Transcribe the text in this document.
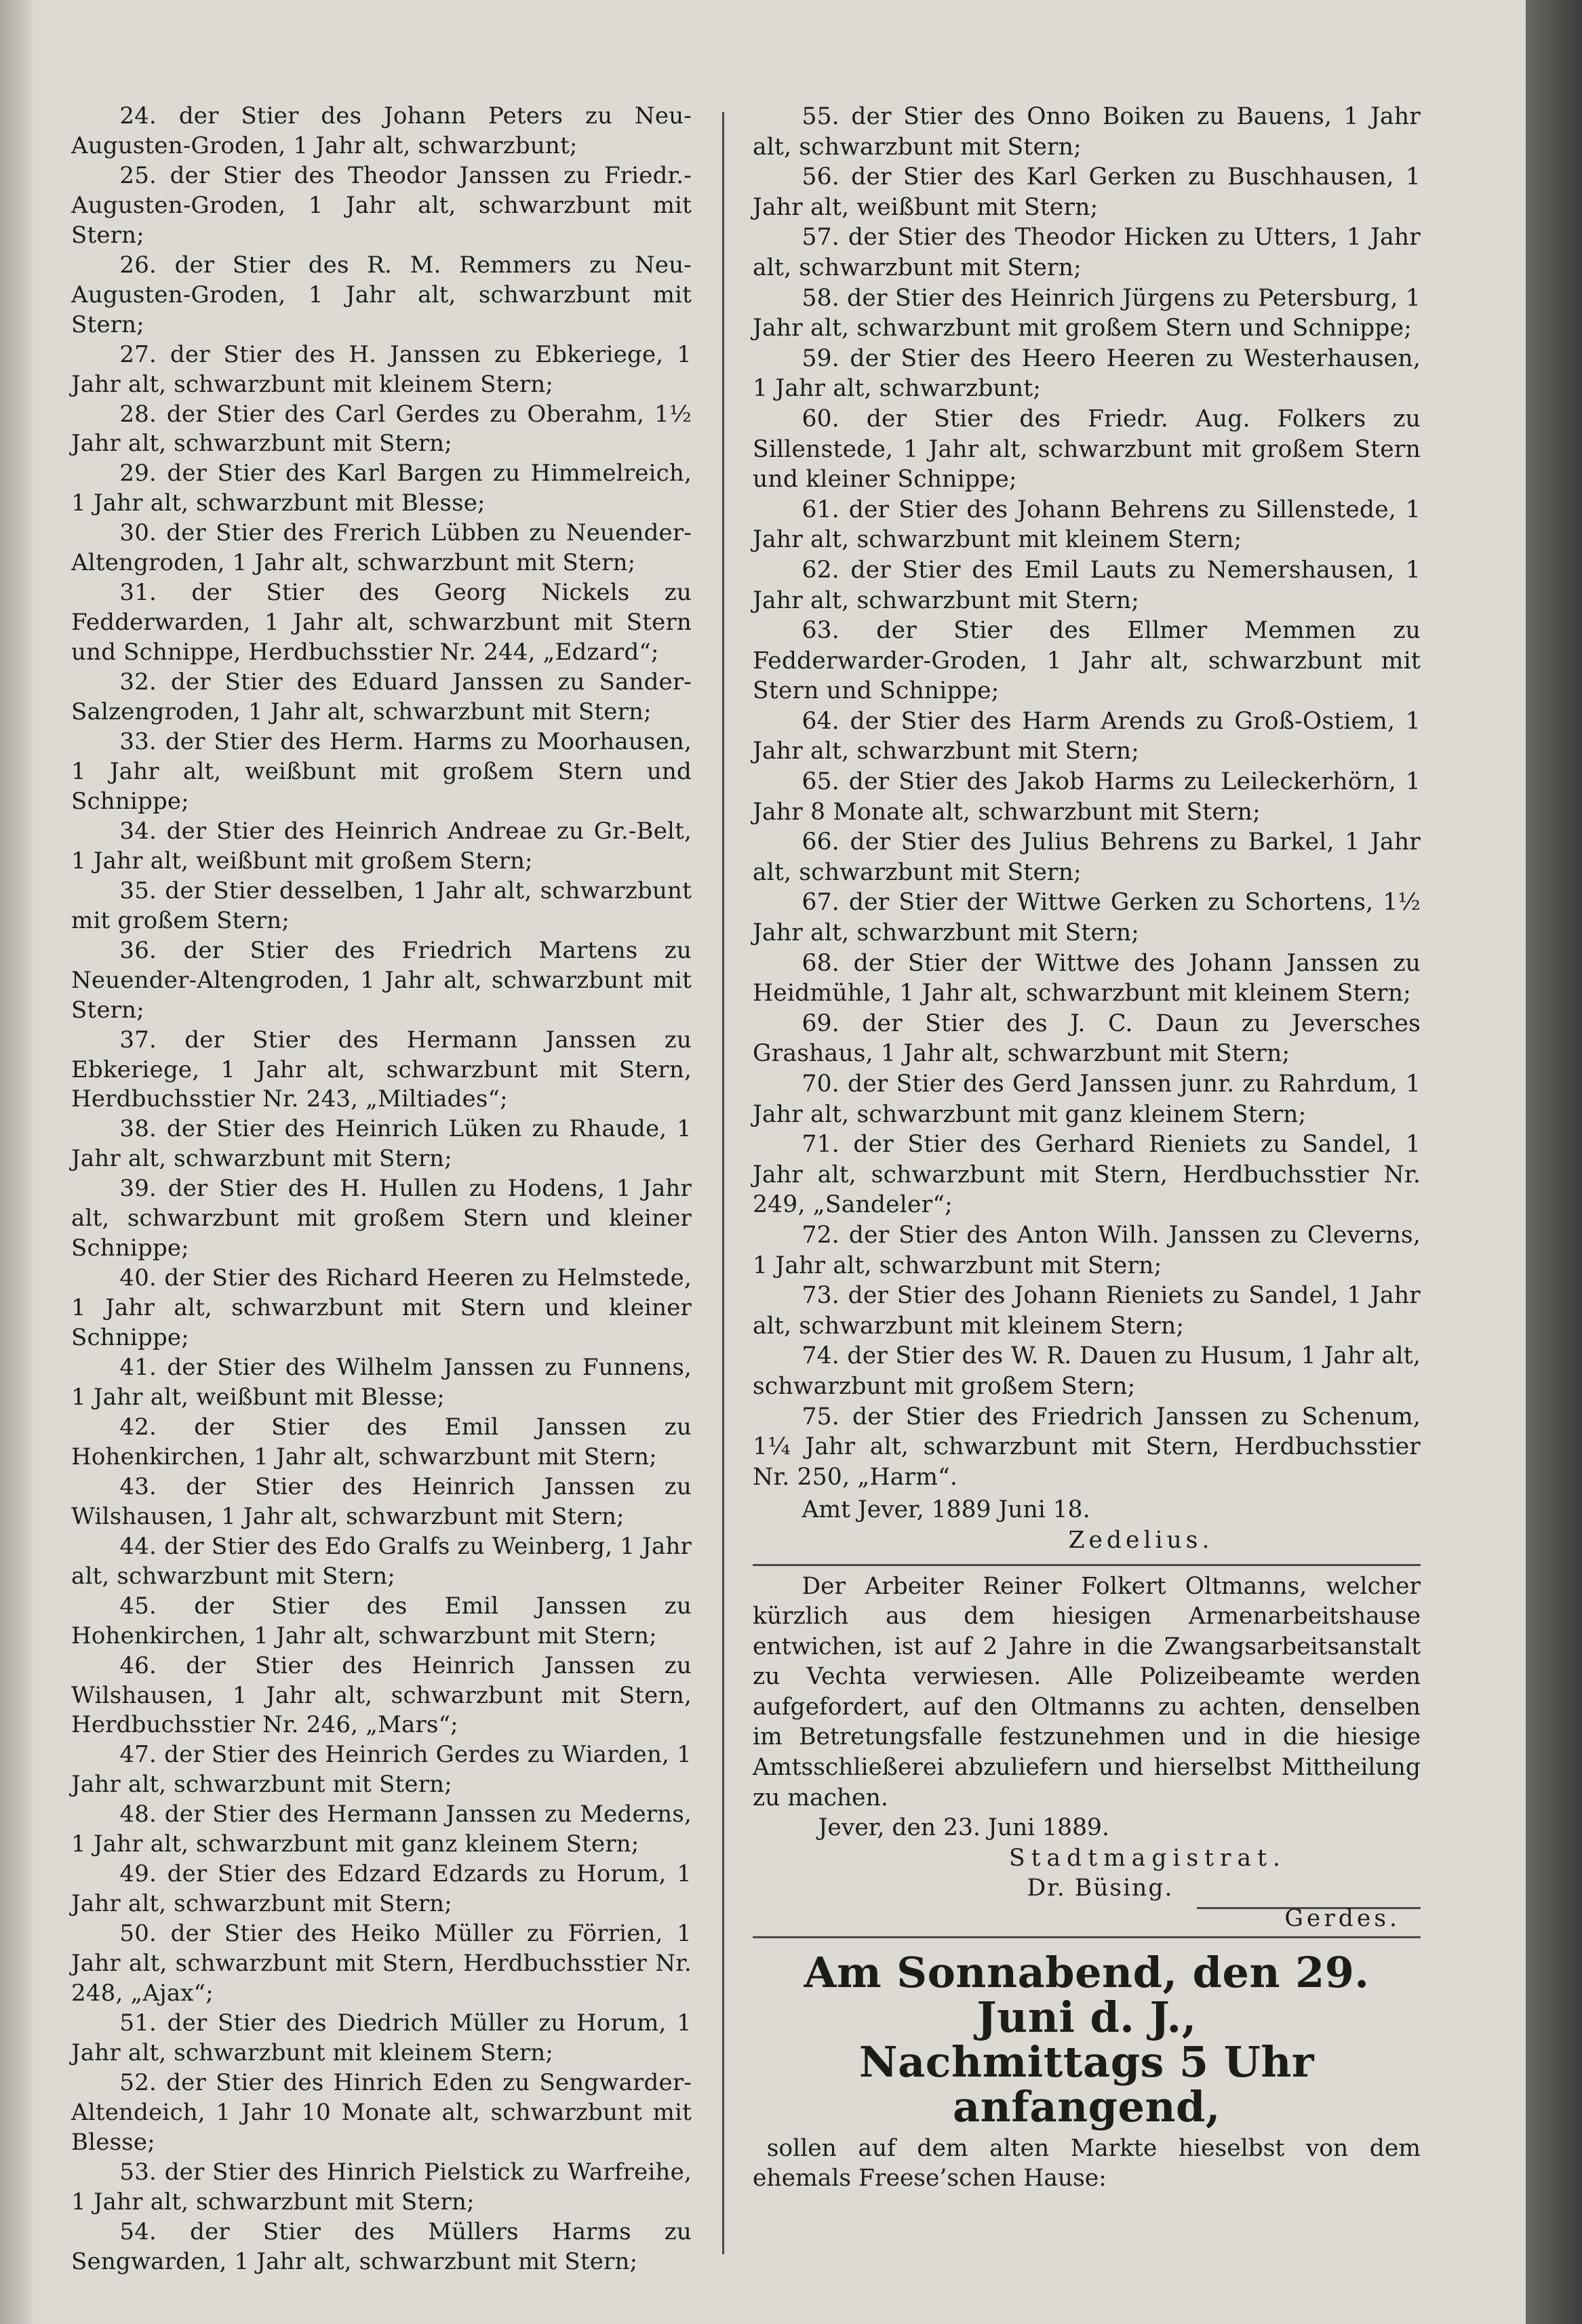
24. der Stier des Johann Peters zu Neu-Augusten-Groden, 1 Jahr alt, schwarzbunt;

25. der Stier des Theodor Janssen zu Friedr.-Augusten-Groden, 1 Jahr alt, schwarzbunt mit Stern;

26. der Stier des R. M. Remmers zu Neu-Augusten-Groden, 1 Jahr alt, schwarzbunt mit Stern;

27. der Stier des H. Janssen zu Ebkeriege, 1 Jahr alt, schwarzbunt mit kleinem Stern;

28. der Stier des Carl Gerdes zu Oberahm, 1½ Jahr alt, schwarzbunt mit Stern;

29. der Stier des Karl Bargen zu Himmelreich, 1 Jahr alt, schwarzbunt mit Blesse;

30. der Stier des Frerich Lübben zu Neuender-Altengroden, 1 Jahr alt, schwarzbunt mit Stern;

31. der Stier des Georg Nickels zu Fedderwarden, 1 Jahr alt, schwarzbunt mit Stern und Schnippe, Herdbuchsstier Nr. 244, „Edzard“;

32. der Stier des Eduard Janssen zu Sander-Salzengroden, 1 Jahr alt, schwarzbunt mit Stern;

33. der Stier des Herm. Harms zu Moorhausen, 1 Jahr alt, weißbunt mit großem Stern und Schnippe;

34. der Stier des Heinrich Andreae zu Gr.-Belt, 1 Jahr alt, weißbunt mit großem Stern;

35. der Stier desselben, 1 Jahr alt, schwarzbunt mit großem Stern;

36. der Stier des Friedrich Martens zu Neuender-Altengroden, 1 Jahr alt, schwarzbunt mit Stern;

37. der Stier des Hermann Janssen zu Ebkeriege, 1 Jahr alt, schwarzbunt mit Stern, Herdbuchsstier Nr. 243, „Miltiades“;

38. der Stier des Heinrich Lüken zu Rhaude, 1 Jahr alt, schwarzbunt mit Stern;

39. der Stier des H. Hullen zu Hodens, 1 Jahr alt, schwarzbunt mit großem Stern und kleiner Schnippe;

40. der Stier des Richard Heeren zu Helmstede, 1 Jahr alt, schwarzbunt mit Stern und kleiner Schnippe;

41. der Stier des Wilhelm Janssen zu Funnens, 1 Jahr alt, weißbunt mit Blesse;

42. der Stier des Emil Janssen zu Hohenkirchen, 1 Jahr alt, schwarzbunt mit Stern;

43. der Stier des Heinrich Janssen zu Wilshausen, 1 Jahr alt, schwarzbunt mit Stern;

44. der Stier des Edo Gralfs zu Weinberg, 1 Jahr alt, schwarzbunt mit Stern;

45. der Stier des Emil Janssen zu Hohenkirchen, 1 Jahr alt, schwarzbunt mit Stern;

46. der Stier des Heinrich Janssen zu Wilshausen, 1 Jahr alt, schwarzbunt mit Stern, Herdbuchsstier Nr. 246, „Mars“;

47. der Stier des Heinrich Gerdes zu Wiarden, 1 Jahr alt, schwarzbunt mit Stern;

48. der Stier des Hermann Janssen zu Mederns, 1 Jahr alt, schwarzbunt mit ganz kleinem Stern;

49. der Stier des Edzard Edzards zu Horum, 1 Jahr alt, schwarzbunt mit Stern;

50. der Stier des Heiko Müller zu Förrien, 1 Jahr alt, schwarzbunt mit Stern, Herdbuchsstier Nr. 248, „Ajax“;

51. der Stier des Diedrich Müller zu Horum, 1 Jahr alt, schwarzbunt mit kleinem Stern;

52. der Stier des Hinrich Eden zu Sengwarder-Altendeich, 1 Jahr 10 Monate alt, schwarzbunt mit Blesse;

53. der Stier des Hinrich Pielstick zu Warfreihe, 1 Jahr alt, schwarzbunt mit Stern;

54. der Stier des Müllers Harms zu Sengwarden, 1 Jahr alt, schwarzbunt mit Stern;

55. der Stier des Onno Boiken zu Bauens, 1 Jahr alt, schwarzbunt mit Stern;

56. der Stier des Karl Gerken zu Buschhausen, 1 Jahr alt, weißbunt mit Stern;

57. der Stier des Theodor Hicken zu Utters, 1 Jahr alt, schwarzbunt mit Stern;

58. der Stier des Heinrich Jürgens zu Petersburg, 1 Jahr alt, schwarzbunt mit großem Stern und Schnippe;

59. der Stier des Heero Heeren zu Westerhausen, 1 Jahr alt, schwarzbunt;

60. der Stier des Friedr. Aug. Folkers zu Sillenstede, 1 Jahr alt, schwarzbunt mit großem Stern und kleiner Schnippe;

61. der Stier des Johann Behrens zu Sillenstede, 1 Jahr alt, schwarzbunt mit kleinem Stern;

62. der Stier des Emil Lauts zu Nemershausen, 1 Jahr alt, schwarzbunt mit Stern;

63. der Stier des Ellmer Memmen zu Fedderwarder-Groden, 1 Jahr alt, schwarzbunt mit Stern und Schnippe;

64. der Stier des Harm Arends zu Groß-Ostiem, 1 Jahr alt, schwarzbunt mit Stern;

65. der Stier des Jakob Harms zu Leileckerhörn, 1 Jahr 8 Monate alt, schwarzbunt mit Stern;

66. der Stier des Julius Behrens zu Barkel, 1 Jahr alt, schwarzbunt mit Stern;

67. der Stier der Wittwe Gerken zu Schortens, 1½ Jahr alt, schwarzbunt mit Stern;

68. der Stier der Wittwe des Johann Janssen zu Heidmühle, 1 Jahr alt, schwarzbunt mit kleinem Stern;

69. der Stier des J. C. Daun zu Jeversches Grashaus, 1 Jahr alt, schwarzbunt mit Stern;

70. der Stier des Gerd Janssen junr. zu Rahrdum, 1 Jahr alt, schwarzbunt mit ganz kleinem Stern;

71. der Stier des Gerhard Rieniets zu Sandel, 1 Jahr alt, schwarzbunt mit Stern, Herdbuchsstier Nr. 249, „Sandeler“;

72. der Stier des Anton Wilh. Janssen zu Cleverns, 1 Jahr alt, schwarzbunt mit Stern;

73. der Stier des Johann Rieniets zu Sandel, 1 Jahr alt, schwarzbunt mit kleinem Stern;

74. der Stier des W. R. Dauen zu Husum, 1 Jahr alt, schwarzbunt mit großem Stern;

75. der Stier des Friedrich Janssen zu Schenum, 1¼ Jahr alt, schwarzbunt mit Stern, Herdbuchsstier Nr. 250, „Harm“.

Amt Jever, 1889 Juni 18.

Zedelius.

Der Arbeiter Reiner Folkert Oltmanns, welcher kürzlich aus dem hiesigen Armenarbeitshause entwichen, ist auf 2 Jahre in die Zwangsarbeitsanstalt zu Vechta verwiesen. Alle Polizeibeamte werden aufgefordert, auf den Oltmanns zu achten, denselben im Betretungsfalle festzunehmen und in die hiesige Amtsschließerei abzuliefern und hierselbst Mittheilung zu machen.

Jever, den 23. Juni 1889.

Stadtmagistrat.

Dr. Büsing.

Gerdes.

Am Sonnabend, den 29. Juni d. J.,

Nachmittags 5 Uhr anfangend,

sollen auf dem alten Markte hieselbst von dem ehemals Freese’schen Hause:
